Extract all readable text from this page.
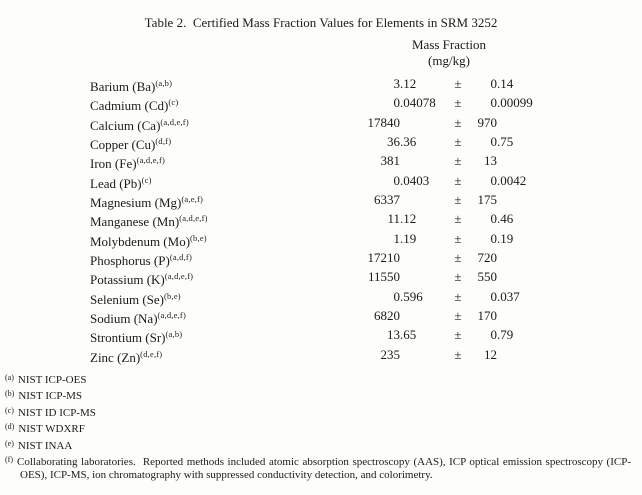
Table 2.  Certified Mass Fraction Values for Elements in SRM 3252
Mass Fraction
(mg/kg)
Barium $(Ba)^{(a,b)}$	3 .12	±	0 .14
Cadmium $(Cd)^{(c)}$	0 .04078	±	0 .00099
Calcium $(Ca)^{(a,d,e,f)}$	17840	±	970
Copper $(Cu)^{(d,f)}$	36 .36	±	0 .75
Iron $(Fe)^{(a,d,e,f)}$	381	±	13
Lead $(Pb)^{(c)}$	0 .0403	±	0 .0042
Magnesium $(Mg)^{(a,e,f)}$	6337	±	175
Manganese $(Mn)^{(a,d,e,f)}$	11 .12	±	0 .46
Molybdenum $(Mo)^{(b,e)}$	1 .19	±	0 .19
Phosphorus $(P)^{(a,d,f)}$	17210	±	720
Potassium $(K)^{(a,d,e,f)}$	11550	±	550
Selenium $(Se)^{(b,e)}$	0 .596	±	0 .037
Sodium $(Na)^{(a,d,e,f)}$	6820	±	170
Strontium $(Sr)^{(a,b)}$	13 .65	±	0 .79
Zinc $(Zn)^{(d,e,f)}$	235	±	12
$^{(a)}$ NIST ICP-OES
$^{(b)}$ NIST ICP-MS
$^{(c)}$ NIST ID ICP-MS
$^{(d)}$ NIST WDXRF
$^{(e)}$ NIST INAA
$^{(f)}$ Collaborating laboratories.  Reported methods included atomic absorption spectroscopy (AAS), ICP optical emission spectroscopy (ICP-OES), ICP-MS, ion chromatography with suppressed conductivity detection, and colorimetry.
